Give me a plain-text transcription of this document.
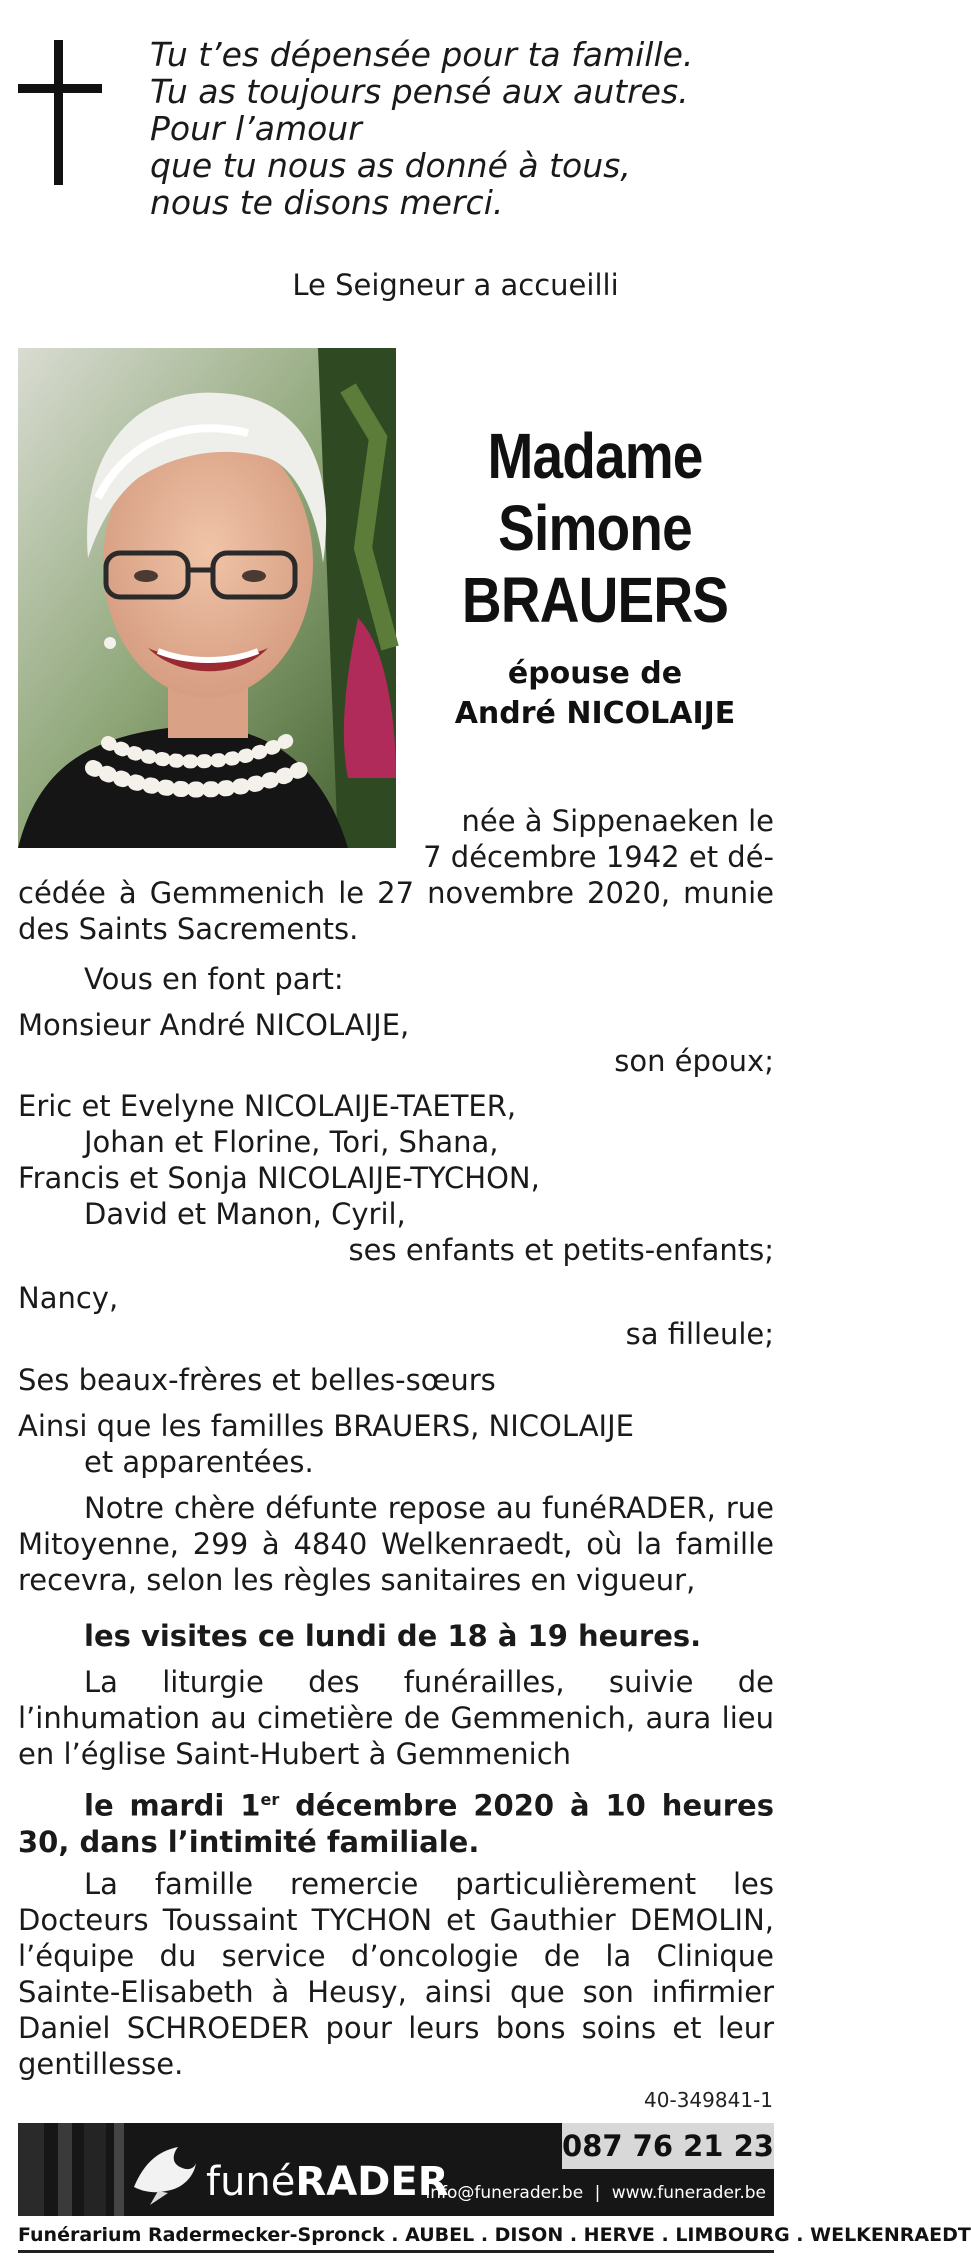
Tu t’es dépensée pour ta famille.
Tu as toujours pensé aux autres.
Pour l’amour
que tu nous as donné à tous,
nous te disons merci.
Le Seigneur a accueilli
Madame
Simone
BRAUERS
épouse de
André NICOLAIJE
née à Sippenaeken le
7 décembre 1942 et dé-
cédée à Gemmenich le 27 novembre 2020, munie des Saints Sacrements.
Vous en font part:
Monsieur André NICOLAIJE,
son époux;
Eric et Evelyne NICOLAIJE-TAETER,
Johan et Florine, Tori, Shana,
Francis et Sonja NICOLAIJE-TYCHON,
David et Manon, Cyril,
ses enfants et petits-enfants;
Nancy,
sa filleule;
Ses beaux-frères et belles-sœurs
Ainsi que les familles BRAUERS, NICOLAIJE
et apparentées.
Notre chère défunte repose au funéRADER, rue Mitoyenne, 299 à 4840 Welkenraedt, où la famille recevra, selon les règles sanitaires en vigueur,
les visites ce lundi de 18 à 19 heures.
La liturgie des funérailles, suivie de l’inhumation au cimetière de Gemmenich, aura lieu en l’église Saint-Hubert à Gemmenich
le mardi 1er décembre 2020 à 10 heures 30, dans l’intimité familiale.
La famille remercie particulièrement les Docteurs Toussaint TYCHON et Gauthier DEMOLIN, l’équipe du service d’oncologie de la Clinique Sainte-Elisabeth à Heusy, ainsi que son infirmier Daniel SCHROEDER pour leurs bons soins et leur gentillesse.
40-349841-1
087 76 21 23
funéRADER
info@funerader.be | www.funerader.be
Funérarium Radermecker-Spronck . AUBEL . DISON . HERVE . LIMBOURG . WELKENRAEDT
